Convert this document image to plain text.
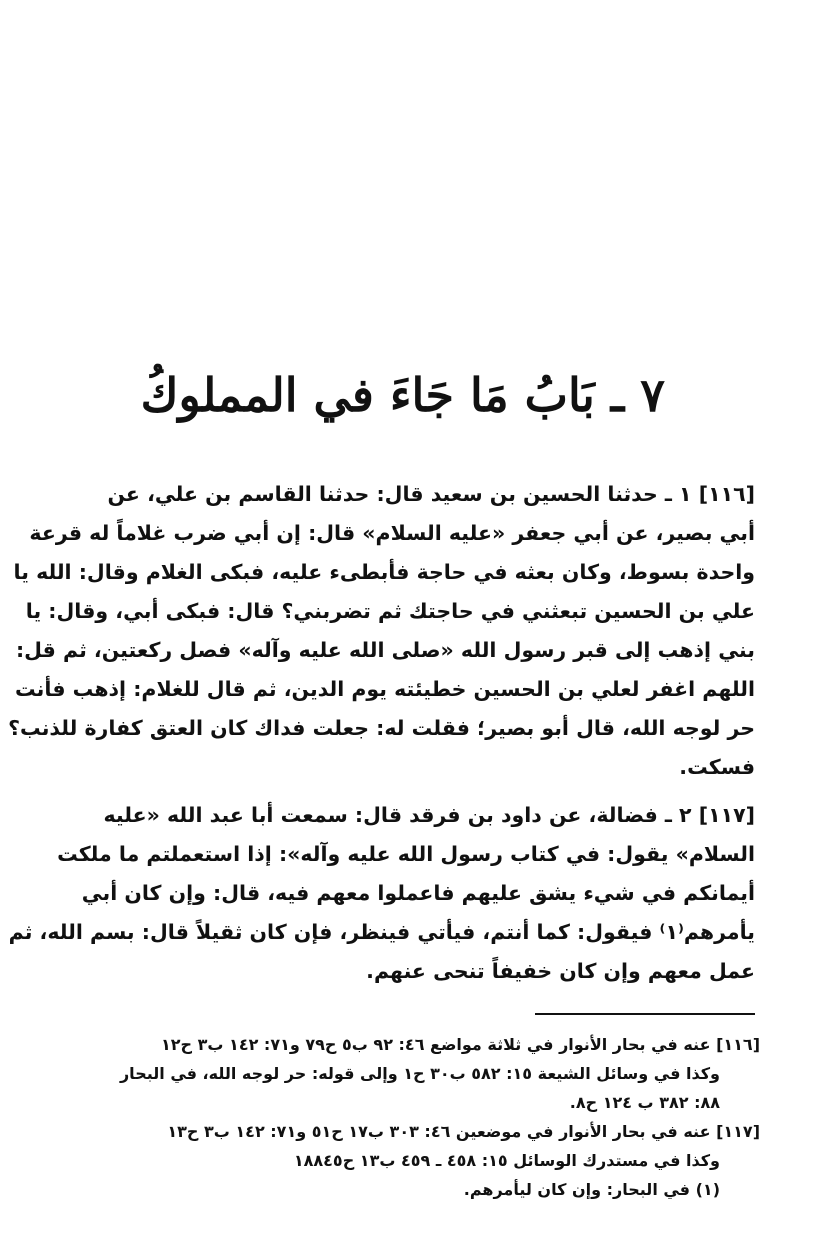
٧ ـ بَابُ مَا جَاءَ في المملوكُ
[١١٦] ١ ـ حدثنا الحسين بن سعيد قال: حدثنا القاسم بن علي، عن
أبي بصير، عن أبي جعفر «عليه السلام» قال: إن أبي ضرب غلاماً له قرعة
واحدة بسوط، وكان بعثه في حاجة فأبطىء عليه، فبكى الغلام وقال: الله يا
علي بن الحسين تبعثني في حاجتك ثم تضربني؟ قال: فبكى أبي، وقال: يا
بني إذهب إلى قبر رسول الله «صلى الله عليه وآله» فصل ركعتين، ثم قل:
اللهم اغفر لعلي بن الحسين خطيئته يوم الدين، ثم قال للغلام: إذهب فأنت
حر لوجه الله، قال أبو بصير؛ فقلت له: جعلت فداك كان العتق كفارة للذنب؟
فسكت.
[١١٧] ٢ ـ فضالة، عن داود بن فرقد قال: سمعت أبا عبد الله «عليه
السلام» يقول: في كتاب رسول الله عليه وآله»: إذا استعملتم ما ملكت
أيمانكم في شيء يشق عليهم فاعملوا معهم فيه، قال: وإن كان أبي
يأمرهم⁽١⁾ فيقول: كما أنتم، فيأتي فينظر، فإن كان ثقيلاً قال: بسم الله، ثم
عمل معهم وإن كان خفيفاً تنحى عنهم.
[١١٦] عنه في بحار الأنوار في ثلاثة مواضع ٤٦: ٩٢ ب٥ ح٧٩ و٧١: ١٤٢ ب٣ ح١٢
وكذا في وسائل الشيعة ١٥: ٥٨٢ ب٣٠ ح١ وإلى قوله: حر لوجه الله، في البحار
٨٨: ٣٨٢ ب ١٢٤ ح٨.
[١١٧] عنه في بحار الأنوار في موضعين ٤٦: ٣٠٣ ب١٧ ح٥١ و٧١: ١٤٢ ب٣ ح١٣
وكذا في مستدرك الوسائل ١٥: ٤٥٨ ـ ٤٥٩ ب١٣ ح١٨٨٤٥
(١) في البحار: وإن كان ليأمرهم.
